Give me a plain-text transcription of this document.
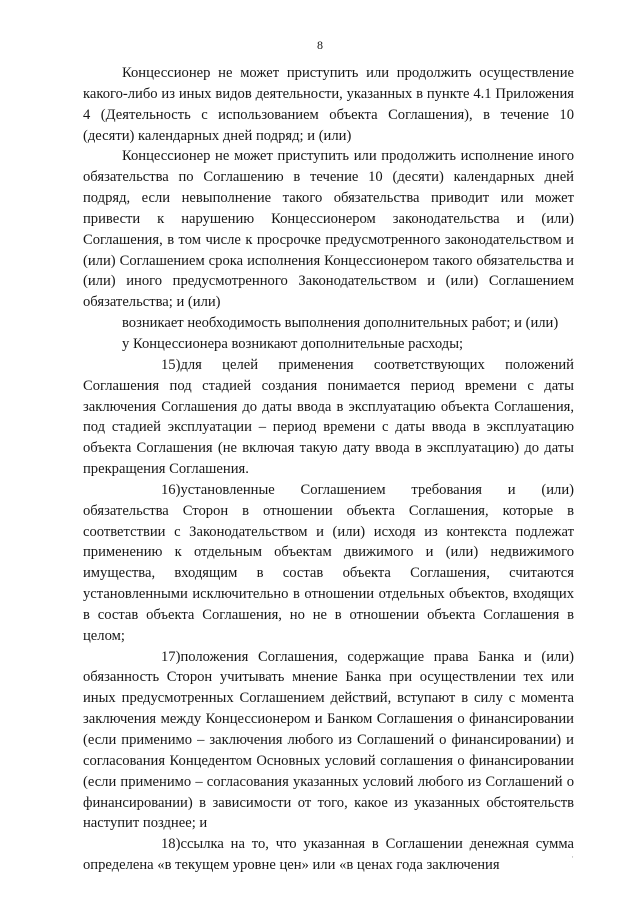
8

Концессионер не может приступить или продолжить осуществление какого-либо из иных видов деятельности, указанных в пункте 4.1 Приложения 4 (Деятельность с использованием объекта Соглашения), в течение 10 (десяти) календарных дней подряд; и (или)

Концессионер не может приступить или продолжить исполнение иного обязательства по Соглашению в течение 10 (десяти) календарных дней подряд, если невыполнение такого обязательства приводит или может привести к нарушению Концессионером законодательства и (или) Соглашения, в том числе к просрочке предусмотренного законодательством и (или) Соглашением срока исполнения Концессионером такого обязательства и (или) иного предусмотренного Законодательством и (или) Соглашением обязательства; и (или)

возникает необходимость выполнения дополнительных работ; и (или)

у Концессионера возникают дополнительные расходы;

15)для целей применения соответствующих положений Соглашения под стадией создания понимается период времени с даты заключения Соглашения до даты ввода в эксплуатацию объекта Соглашения, под стадией эксплуатации – период времени с даты ввода в эксплуатацию объекта Соглашения (не включая такую дату ввода в эксплуатацию) до даты прекращения Соглашения.

16)установленные Соглашением требования и (или) обязательства Сторон в отношении объекта Соглашения, которые в соответствии с Законодательством и (или) исходя из контекста подлежат применению к отдельным объектам движимого и (или) недвижимого имущества, входящим в состав объекта Соглашения, считаются установленными исключительно в отношении отдельных объектов, входящих в состав объекта Соглашения, но не в отношении объекта Соглашения в целом;

17)положения Соглашения, содержащие права Банка и (или) обязанность Сторон учитывать мнение Банка при осуществлении тех или иных предусмотренных Соглашением действий, вступают в силу с момента заключения между Концессионером и Банком Соглашения о финансировании (если применимо – заключения любого из Соглашений о финансировании) и согласования Концедентом Основных условий соглашения о финансировании (если применимо – согласования указанных условий любого из Соглашений о финансировании) в зависимости от того, какое из указанных обстоятельств наступит позднее; и

18)ссылка на то, что указанная в Соглашении денежная сумма определена «в текущем уровне цен» или «в ценах года заключения

·
